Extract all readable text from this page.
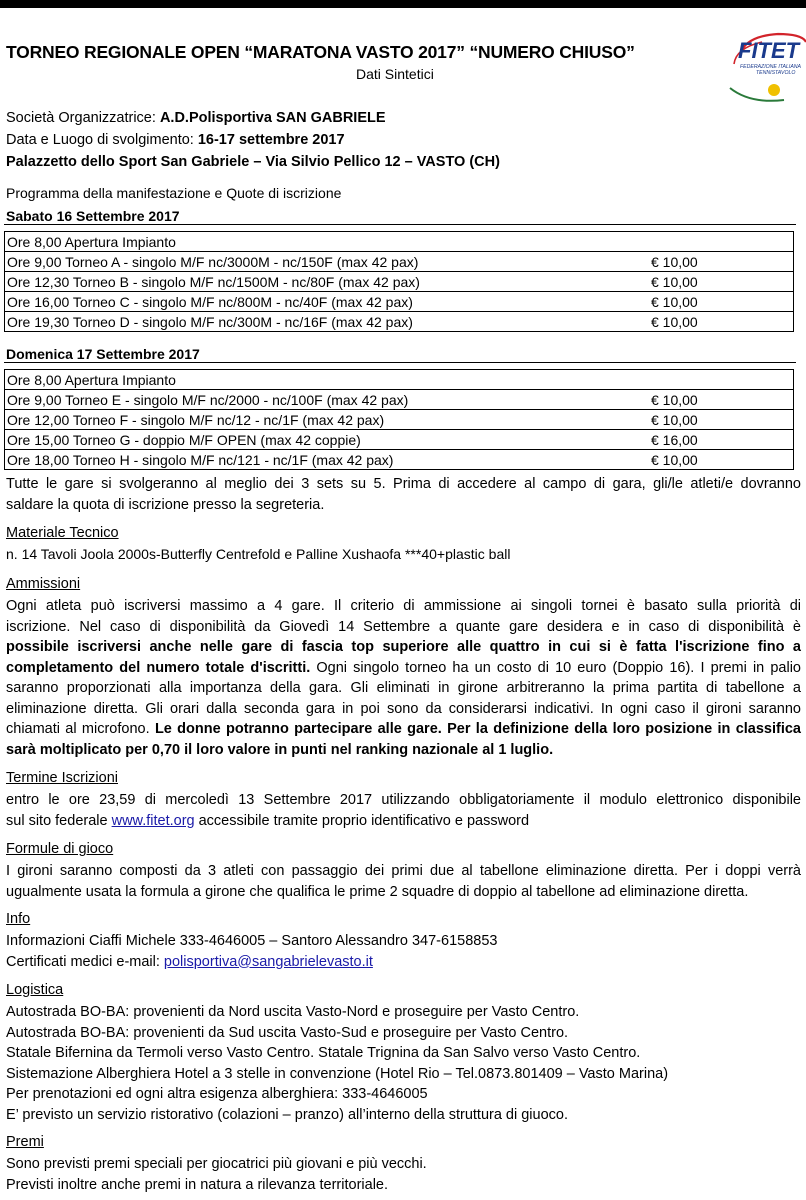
TORNEO REGIONALE OPEN “MARATONA VASTO 2017” “NUMERO CHIUSO”
Dati Sintetici
FITET
FEDERAZIONE ITALIANA
TENNISTAVOLO
Società Organizzatrice: A.D.Polisportiva SAN GABRIELE
Data e Luogo di svolgimento: 16-17 settembre 2017
Palazzetto dello Sport San Gabriele – Via Silvio Pellico 12 – VASTO (CH)
Programma della manifestazione e Quote di iscrizione
Sabato 16 Settembre 2017
Ore 8,00 Apertura Impianto	
Ore 9,00 Torneo A - singolo M/F nc/3000M - nc/150F (max 42 pax)	€ 10,00
Ore 12,30 Torneo B - singolo M/F nc/1500M - nc/80F (max 42 pax)	€ 10,00
Ore 16,00 Torneo C - singolo M/F nc/800M - nc/40F (max 42 pax)	€ 10,00
Ore 19,30 Torneo D - singolo M/F nc/300M - nc/16F (max 42 pax)	€ 10,00
Domenica 17 Settembre 2017
Ore 8,00 Apertura Impianto	
Ore 9,00 Torneo E - singolo M/F nc/2000 - nc/100F (max 42 pax)	€ 10,00
Ore 12,00 Torneo F - singolo M/F nc/12 - nc/1F (max 42 pax)	€ 10,00
Ore 15,00 Torneo G - doppio M/F OPEN (max 42 coppie)	€ 16,00
Ore 18,00 Torneo H - singolo M/F nc/121 - nc/1F (max 42 pax)	€ 10,00
Tutte le gare si svolgeranno al meglio dei 3 sets su 5. Prima di accedere al campo di gara, gli/le atleti/e dovranno
saldare la quota di iscrizione presso la segreteria.
Materiale Tecnico
n. 14 Tavoli Joola 2000s-Butterfly Centrefold e Palline Xushaofa ***40+plastic ball
Ammissioni
Ogni atleta può iscriversi massimo a 4 gare. Il criterio di ammissione ai singoli tornei è basato sulla priorità di
iscrizione. Nel caso di disponibilità da Giovedì 14 Settembre a quante gare desidera e in caso di disponibilità è
possibile iscriversi anche nelle gare di fascia top superiore alle quattro in cui si è fatta l'iscrizione fino a
completamento del numero totale d'iscritti. Ogni singolo torneo ha un costo di 10 euro (Doppio 16). I premi in palio
saranno proporzionati alla importanza della gara. Gli eliminati in girone arbitreranno la prima partita di tabellone a
eliminazione diretta. Gli orari dalla seconda gara in poi sono da considerarsi indicativi. In ogni caso il gironi saranno
chiamati al microfono. Le donne potranno partecipare alle gare. Per la definizione della loro posizione in classifica
sarà moltiplicato per 0,70 il loro valore in punti nel ranking nazionale al 1 luglio.
Termine Iscrizioni
entro le ore 23,59 di mercoledì 13 Settembre 2017 utilizzando obbligatoriamente il modulo elettronico disponibile
sul sito federale www.fitet.org accessibile tramite proprio identificativo e password
Formule di gioco
I gironi saranno composti da 3 atleti con passaggio dei primi due al tabellone eliminazione diretta. Per i doppi verrà
ugualmente usata la formula a girone che qualifica le prime 2 squadre di doppio al tabellone ad eliminazione diretta.
Info
Informazioni Ciaffi Michele 333-4646005 – Santoro Alessandro 347-6158853
Certificati medici e-mail: polisportiva@sangabrielevasto.it
Logistica
Autostrada BO-BA: provenienti da Nord uscita Vasto-Nord e proseguire per Vasto Centro.
Autostrada BO-BA: provenienti da Sud uscita Vasto-Sud e proseguire per Vasto Centro.
Statale Bifernina da Termoli verso Vasto Centro. Statale Trignina da San Salvo verso Vasto Centro.
Sistemazione Alberghiera Hotel a 3 stelle in convenzione (Hotel Rio – Tel.0873.801409 – Vasto Marina)
Per prenotazioni ed ogni altra esigenza alberghiera: 333-4646005
E’ previsto un servizio ristorativo (colazioni – pranzo) all’interno della struttura di giuoco.
Premi
Sono previsti premi speciali per giocatrici più giovani e più vecchi.
Previsti inoltre anche premi in natura a rilevanza territoriale.
